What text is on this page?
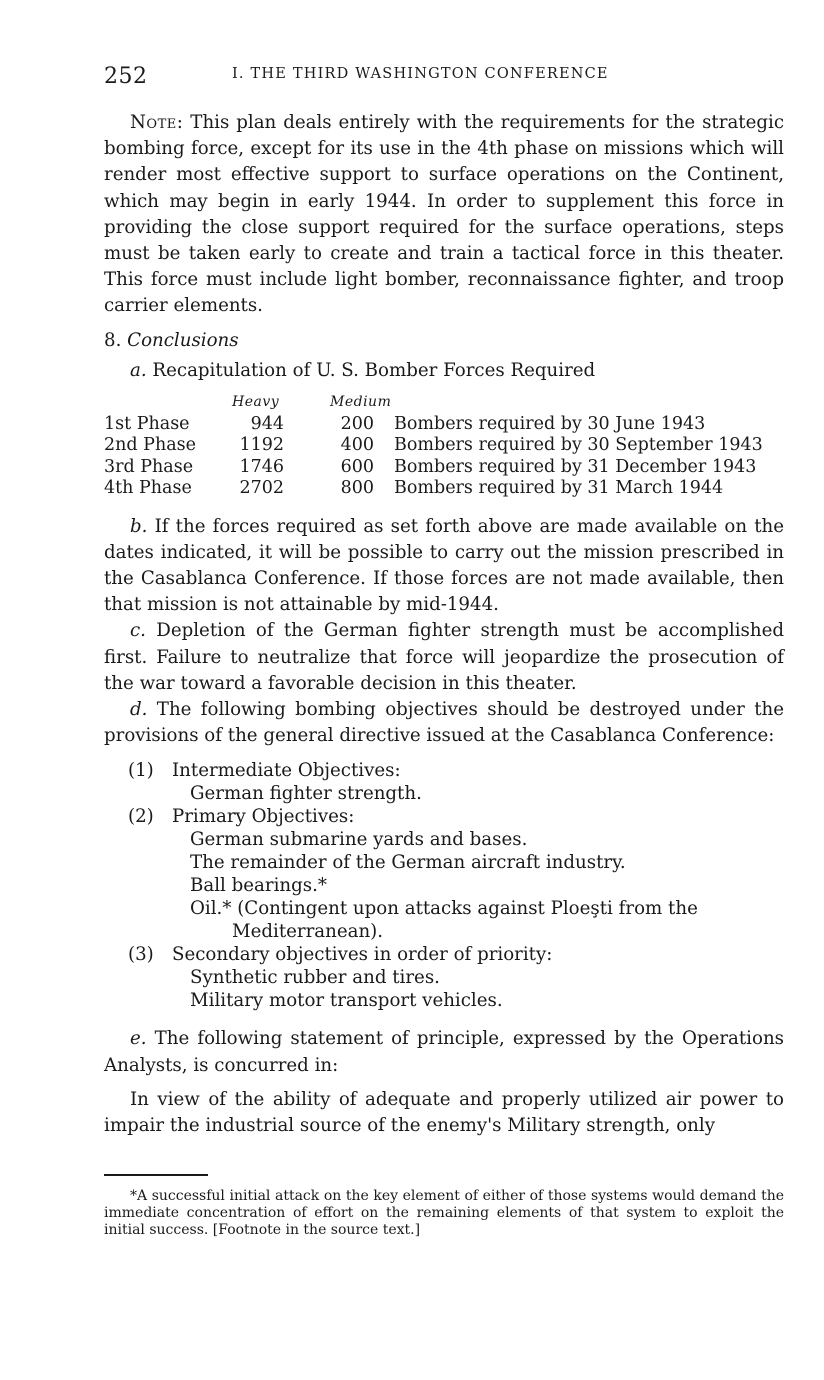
252	I. THE THIRD WASHINGTON CONFERENCE

Note: This plan deals entirely with the requirements for the strategic bombing force, except for its use in the 4th phase on missions which will render most effective support to surface operations on the Continent, which may begin in early 1944. In order to supplement this force in providing the close support required for the surface operations, steps must be taken early to create and train a tactical force in this theater. This force must include light bomber, reconnaissance fighter, and troop carrier elements.

8. Conclusions
a. Recapitulation of U. S. Bomber Forces Required
Heavy	Medium
1st Phase	944	200 Bombers required by 30 June 1943
2nd Phase	1192	400 Bombers required by 30 September 1943
3rd Phase	1746	600 Bombers required by 31 December 1943
4th Phase	2702	800 Bombers required by 31 March 1944

b. If the forces required as set forth above are made available on the dates indicated, it will be possible to carry out the mission prescribed in the Casablanca Conference. If those forces are not made available, then that mission is not attainable by mid-1944.

c. Depletion of the German fighter strength must be accomplished first. Failure to neutralize that force will jeopardize the prosecution of the war toward a favorable decision in this theater.

d. The following bombing objectives should be destroyed under the provisions of the general directive issued at the Casablanca Conference:

(1) Intermediate Objectives:
German fighter strength.
(2) Primary Objectives:
German submarine yards and bases.
The remainder of the German aircraft industry.
Ball bearings.*
Oil.* (Contingent upon attacks against Ploeşti from the
Mediterranean).
(3) Secondary objectives in order of priority:
Synthetic rubber and tires.
Military motor transport vehicles.

e. The following statement of principle, expressed by the Operations Analysts, is concurred in:

In view of the ability of adequate and properly utilized air power to impair the industrial source of the enemy's Military strength, only

*A successful initial attack on the key element of either of those systems would demand the immediate concentration of effort on the remaining elements of that system to exploit the initial success. [Footnote in the source text.]
